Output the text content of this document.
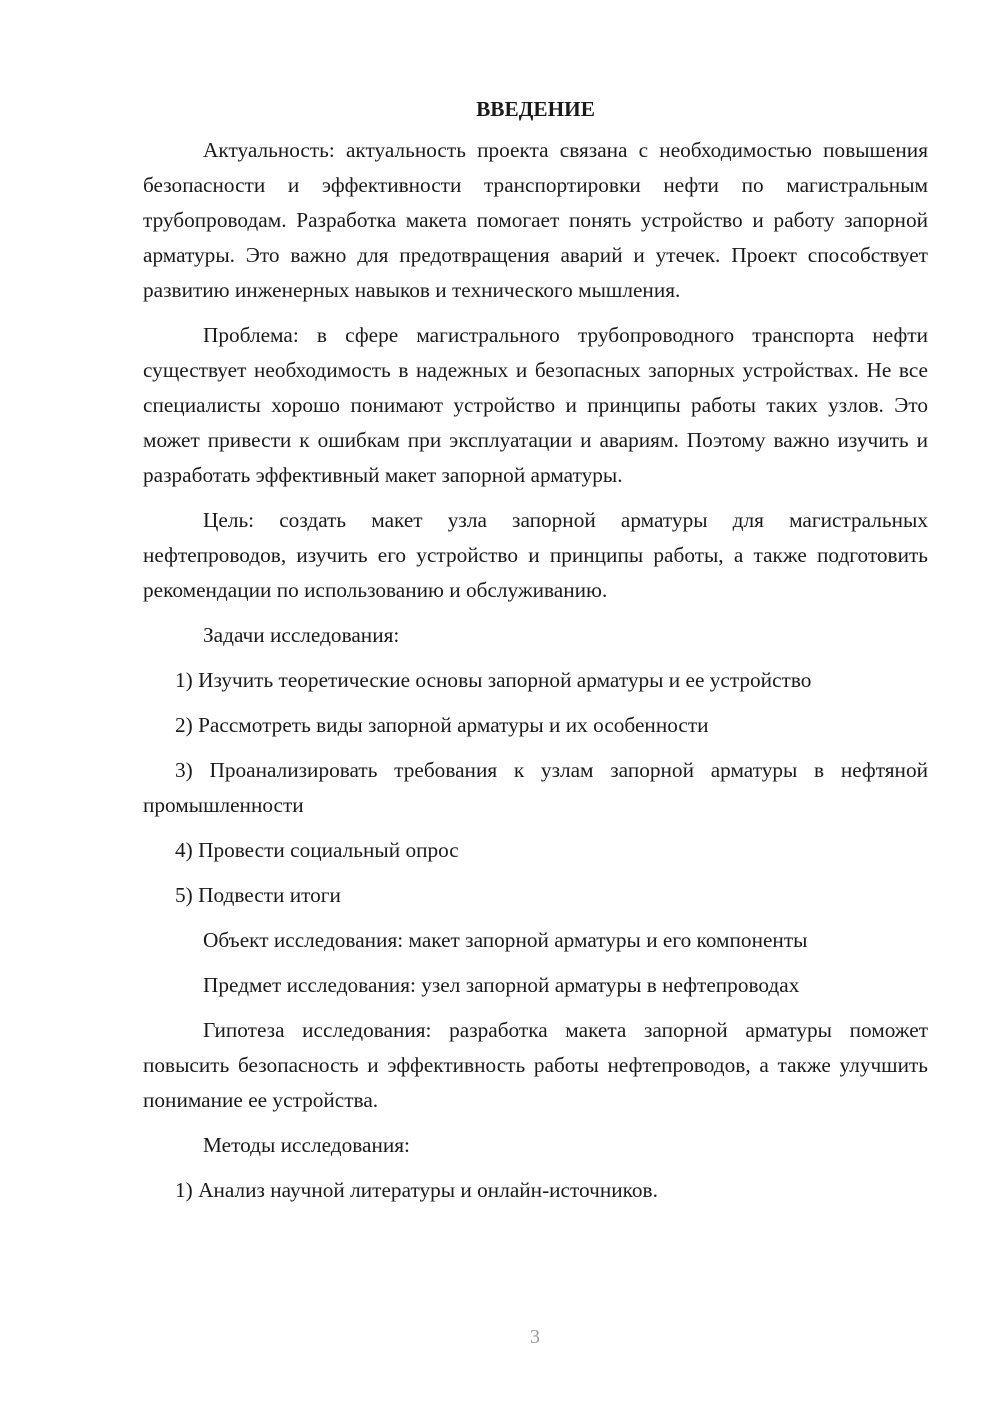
ВВЕДЕНИЕ

Актуальность: актуальность проекта связана с необходимостью повышения безопасности и эффективности транспортировки нефти по магистральным трубопроводам. Разработка макета помогает понять устройство и работу запорной арматуры. Это важно для предотвращения аварий и утечек. Проект способствует развитию инженерных навыков и технического мышления.

Проблема: в сфере магистрального трубопроводного транспорта нефти существует необходимость в надежных и безопасных запорных устройствах. Не все специалисты хорошо понимают устройство и принципы работы таких узлов. Это может привести к ошибкам при эксплуатации и авариям. Поэтому важно изучить и разработать эффективный макет запорной арматуры.

Цель: создать макет узла запорной арматуры для магистральных нефтепроводов, изучить его устройство и принципы работы, а также подготовить рекомендации по использованию и обслуживанию.

Задачи исследования:

1) Изучить теоретические основы запорной арматуры и ее устройство

2) Рассмотреть виды запорной арматуры и их особенности

3) Проанализировать требования к узлам запорной арматуры в нефтяной промышленности

4) Провести социальный опрос

5) Подвести итоги

Объект исследования: макет запорной арматуры и его компоненты

Предмет исследования: узел запорной арматуры в нефтепроводах

Гипотеза исследования: разработка макета запорной арматуры поможет повысить безопасность и эффективность работы нефтепроводов, а также улучшить понимание ее устройства.

Методы исследования:

1) Анализ научной литературы и онлайн-источников.

3
